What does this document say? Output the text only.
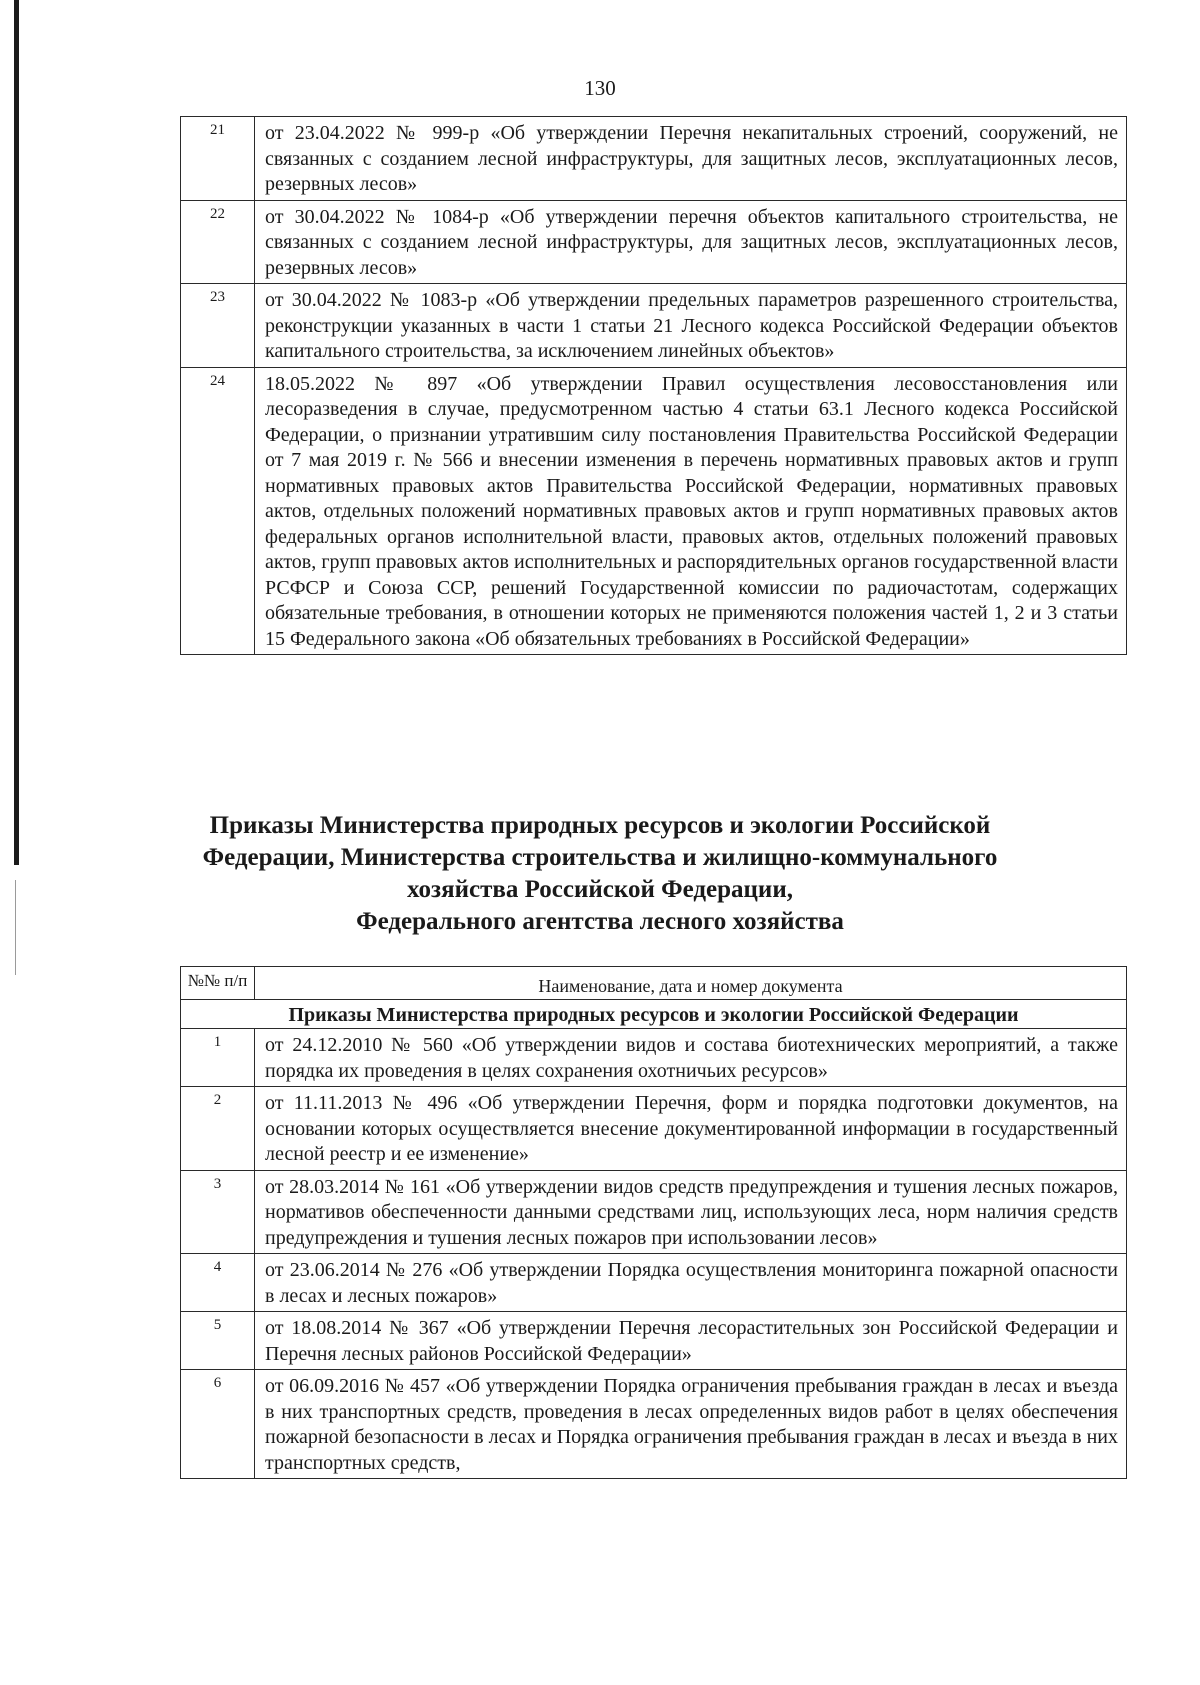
130
21	от 23.04.2022 № 999-р «Об утверждении Перечня некапитальных строений, сооружений, не связанных с созданием лесной инфраструктуры, для защитных лесов, эксплуатационных лесов, резервных лесов»
22	от 30.04.2022 № 1084-р «Об утверждении перечня объектов капитального строительства, не связанных с созданием лесной инфраструктуры, для защитных лесов, эксплуатационных лесов, резервных лесов»
23	от 30.04.2022 № 1083-р «Об утверждении предельных параметров разрешенного строительства, реконструкции указанных в части 1 статьи 21 Лесного кодекса Российской Федерации объектов капитального строительства, за исключением линейных объектов»
24	18.05.2022 № 897 «Об утверждении Правил осуществления лесовосстановления или лесоразведения в случае, предусмотренном частью 4 статьи 63.1 Лесного кодекса Российской Федерации, о признании утратившим силу постановления Правительства Российской Федерации от 7 мая 2019 г. № 566 и внесении изменения в перечень нормативных правовых актов и групп нормативных правовых актов Правительства Российской Федерации, нормативных правовых актов, отдельных положений нормативных правовых актов и групп нормативных правовых актов федеральных органов исполнительной власти, правовых актов, отдельных положений правовых актов, групп правовых актов исполнительных и распорядительных органов государственной власти РСФСР и Союза ССР, решений Государственной комиссии по радиочастотам, содержащих обязательные требования, в отношении которых не применяются положения частей 1, 2 и 3 статьи 15 Федерального закона «Об обязательных требованиях в Российской Федерации»
Приказы Министерства природных ресурсов и экологии Российской
Федерации, Министерства строительства и жилищно-коммунального
хозяйства Российской Федерации,
Федерального агентства лесного хозяйства
№№ п/п	Наименование, дата и номер документа
Приказы Министерства природных ресурсов и экологии Российской Федерации	
1	от 24.12.2010 № 560 «Об утверждении видов и состава биотехнических мероприятий, а также порядка их проведения в целях сохранения охотничьих ресурсов»
2	от 11.11.2013 № 496 «Об утверждении Перечня, форм и порядка подготовки документов, на основании которых осуществляется внесение документированной информации в государственный лесной реестр и ее изменение»
3	от 28.03.2014 № 161 «Об утверждении видов средств предупреждения и тушения лесных пожаров, нормативов обеспеченности данными средствами лиц, использующих леса, норм наличия средств предупреждения и тушения лесных пожаров при использовании лесов»
4	от 23.06.2014 № 276 «Об утверждении Порядка осуществления мониторинга пожарной опасности в лесах и лесных пожаров»
5	от 18.08.2014 № 367 «Об утверждении Перечня лесорастительных зон Российской Федерации и Перечня лесных районов Российской Федерации»
6	от 06.09.2016 № 457 «Об утверждении Порядка ограничения пребывания граждан в лесах и въезда в них транспортных средств, проведения в лесах определенных видов работ в целях обеспечения пожарной безопасности в лесах и Порядка ограничения пребывания граждан в лесах и въезда в них транспортных средств,
